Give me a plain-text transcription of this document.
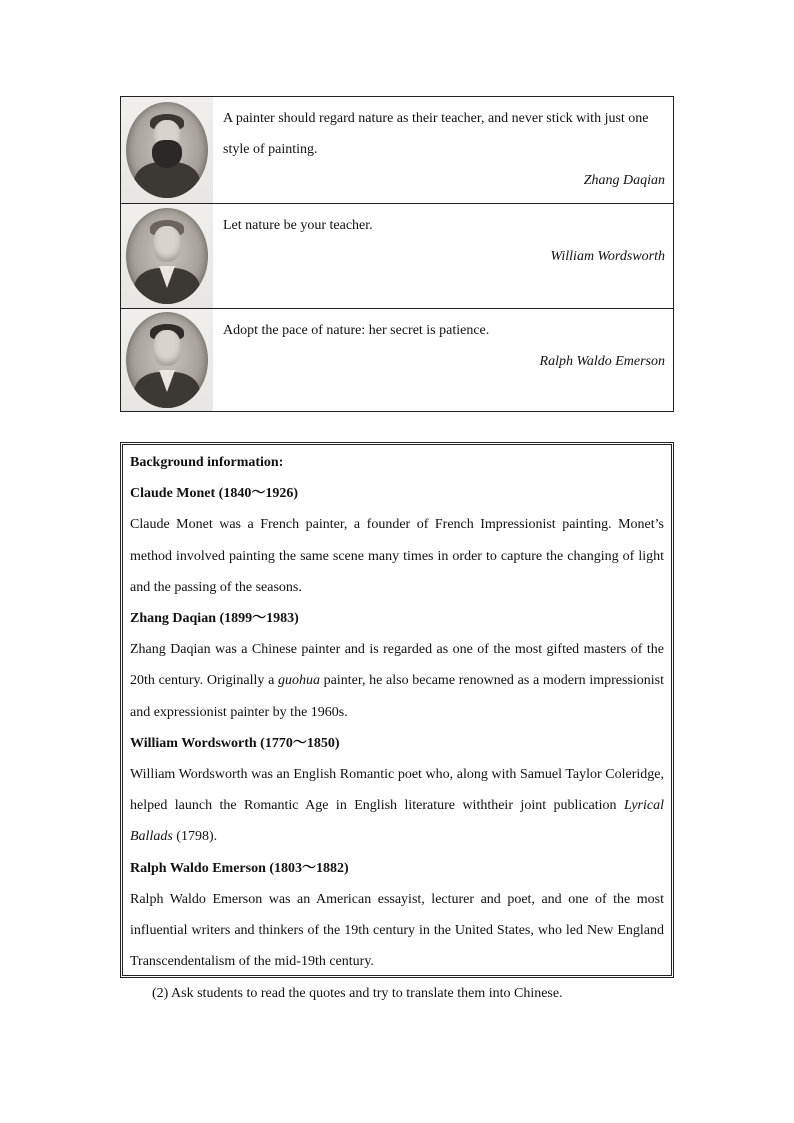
A painter should regard nature as their teacher, and never stick with just one style of painting.
Zhang Daqian
Let nature be your teacher.
William Wordsworth
Adopt the pace of nature: her secret is patience.
Ralph Waldo Emerson

Background information:

Claude Monet (1840～1926)

Claude Monet was a French painter, a founder of French Impressionist painting. Monet’s method involved painting the same scene many times in order to capture the changing of light and the passing of the seasons.

Zhang Daqian (1899～1983)

Zhang Daqian was a Chinese painter and is regarded as one of the most gifted masters of the 20th century. Originally a guohua painter, he also became renowned as a modern impressionist and expressionist painter by the 1960s.

William Wordsworth (1770～1850)

William Wordsworth was an English Romantic poet who, along with Samuel Taylor Coleridge, helped launch the Romantic Age in English literature withtheir joint publication Lyrical Ballads (1798).

Ralph Waldo Emerson (1803～1882)

Ralph Waldo Emerson was an American essayist, lecturer and poet, and one of the most influential writers and thinkers of the 19th century in the United States, who led New England Transcendentalism of the mid-19th century.

(2) Ask students to read the quotes and try to translate them into Chinese.
